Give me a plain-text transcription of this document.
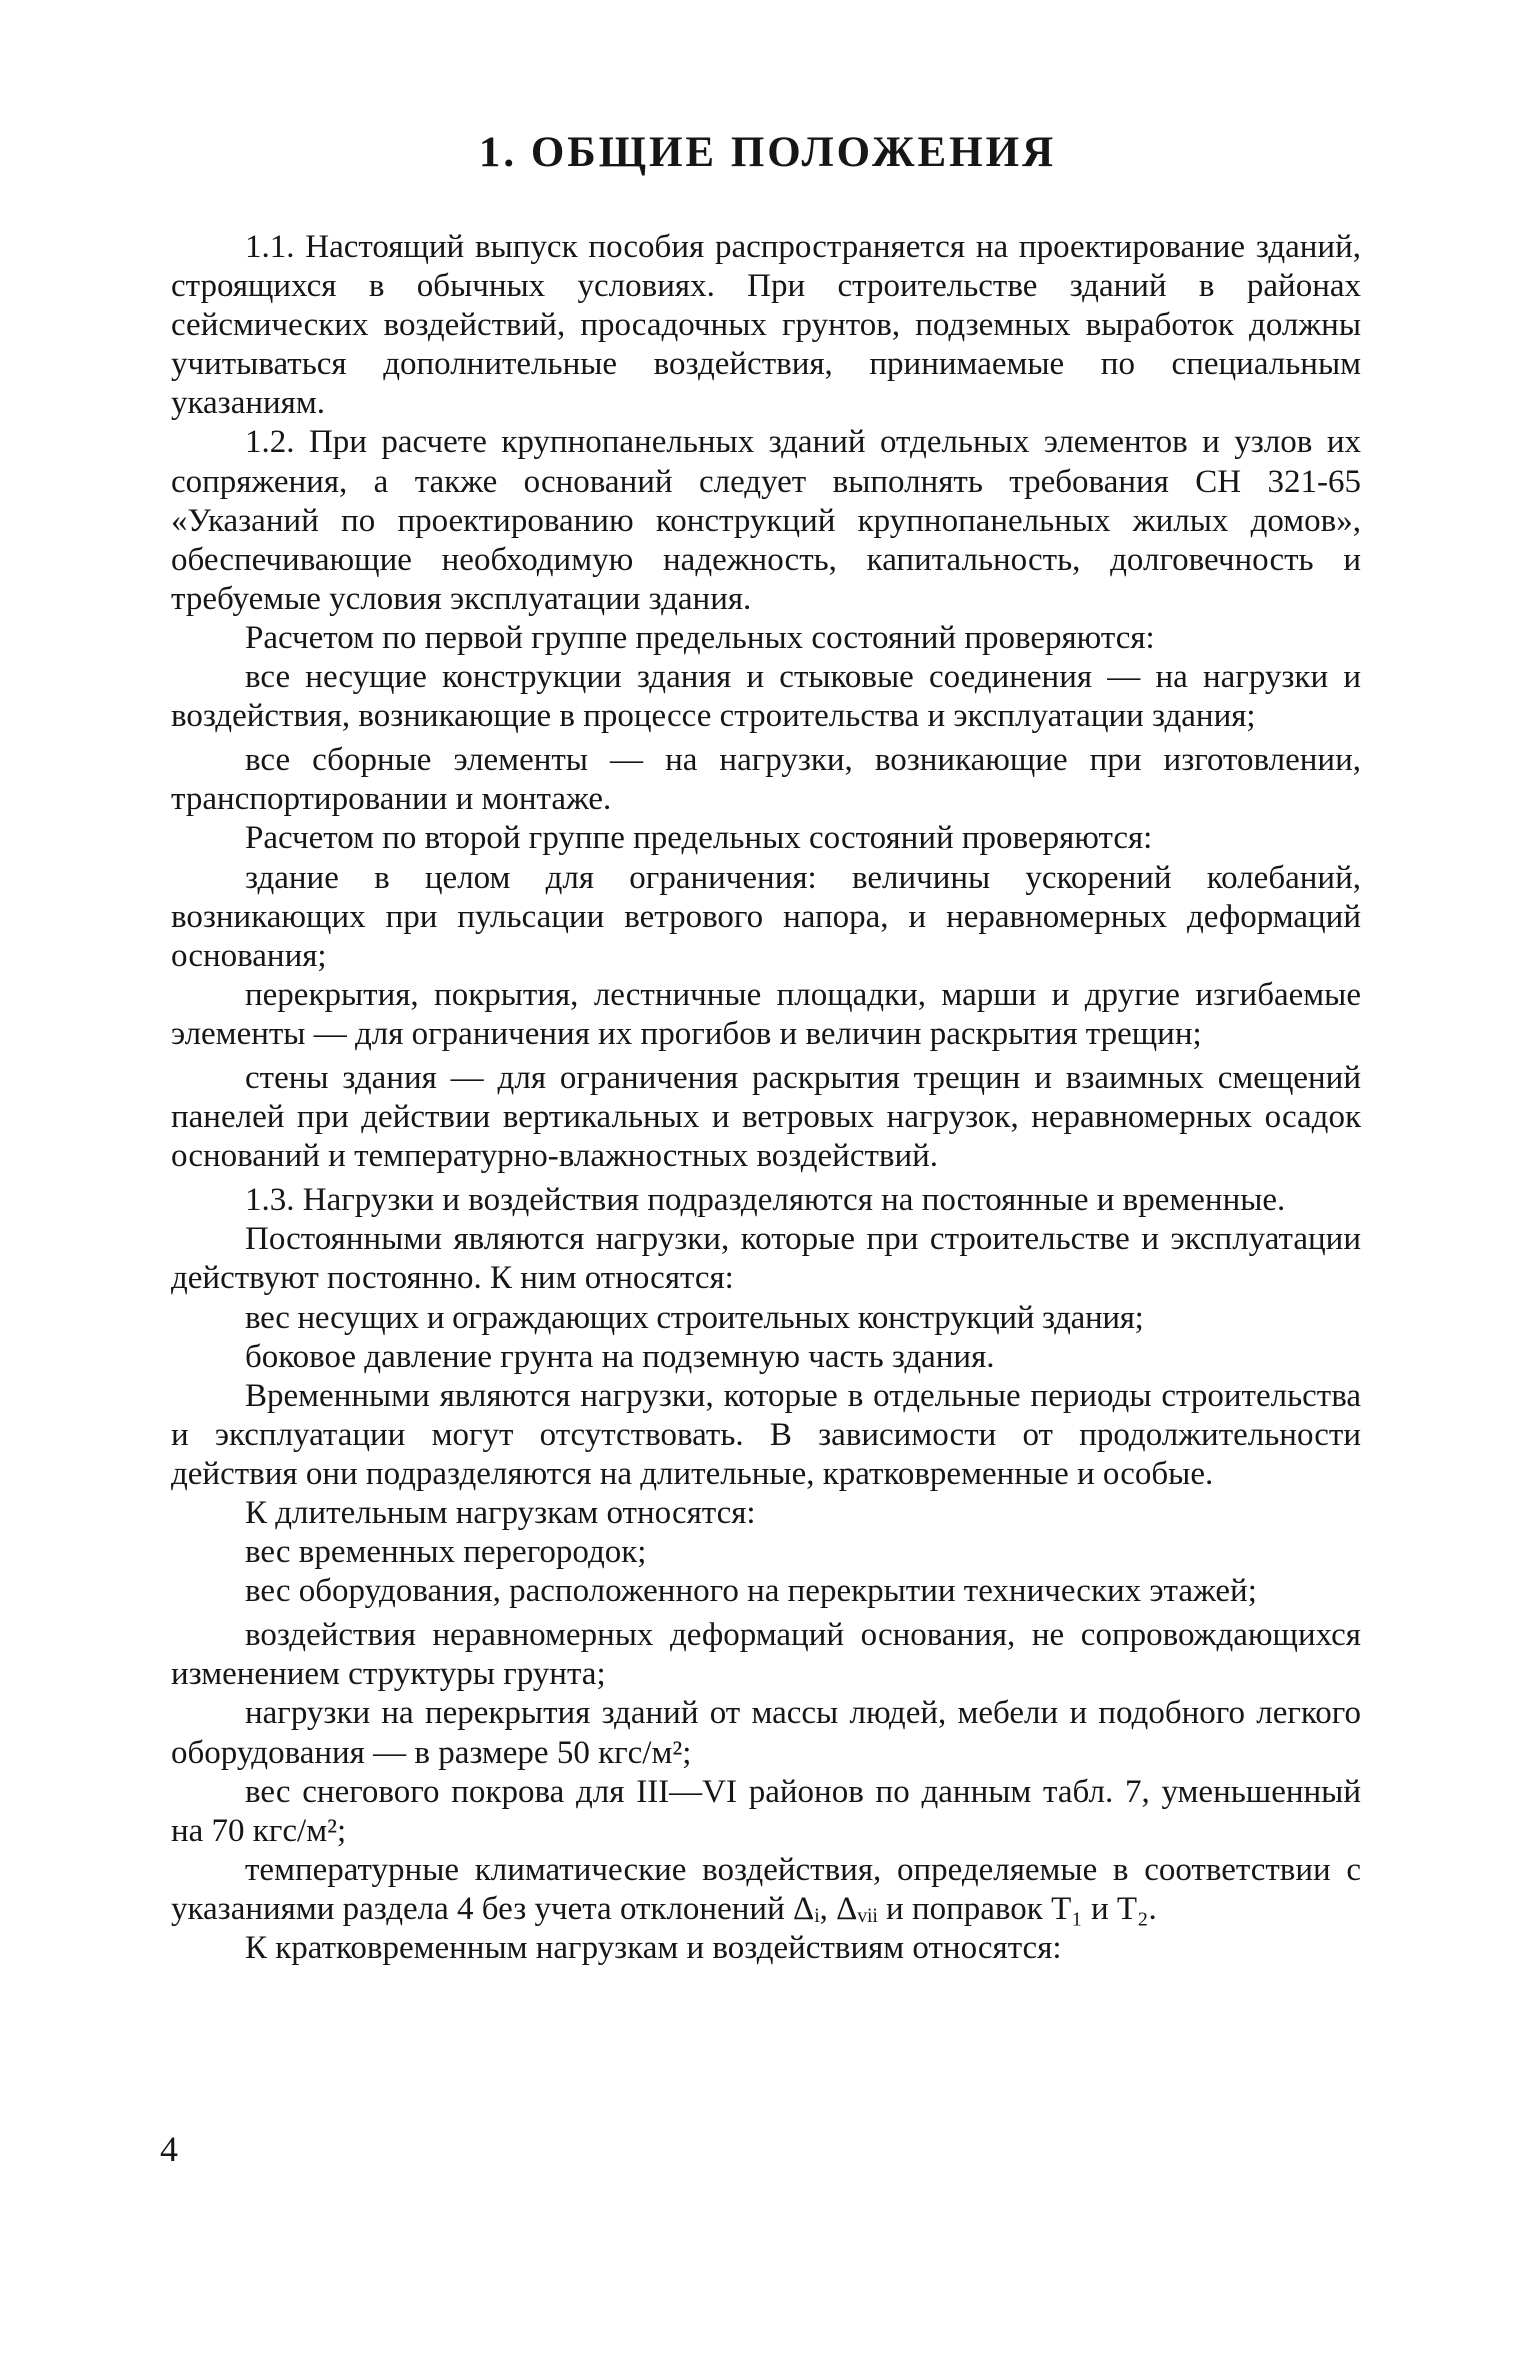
1. ОБЩИЕ ПОЛОЖЕНИЯ

1.1. Настоящий выпуск пособия распространяется на проектирование зданий, строящихся в обычных условиях. При строительстве зданий в районах сейсмических воздействий, просадочных грунтов, подземных выработок должны учитываться дополнительные воздействия, принимаемые по специальным указаниям.

1.2. При расчете крупнопанельных зданий отдельных элементов и узлов их сопряжения, а также оснований следует выполнять требования СН 321-65 «Указаний по проектированию конструкций крупнопанельных жилых домов», обеспечивающие необходимую надежность, капитальность, долговечность и требуемые условия эксплуатации здания.

Расчетом по первой группе предельных состояний проверяются:

все несущие конструкции здания и стыковые соединения — на нагрузки и воздействия, возникающие в процессе строительства и эксплуатации здания;

все сборные элементы — на нагрузки, возникающие при изготовлении, транспортировании и монтаже.

Расчетом по второй группе предельных состояний проверяются:

здание в целом для ограничения: величины ускорений колебаний, возникающих при пульсации ветрового напора, и неравномерных деформаций основания;

перекрытия, покрытия, лестничные площадки, марши и другие изгибаемые элементы — для ограничения их прогибов и величин раскрытия трещин;

стены здания — для ограничения раскрытия трещин и взаимных смещений панелей при действии вертикальных и ветровых нагрузок, неравномерных осадок оснований и температурно-влажностных воздействий.

1.3. Нагрузки и воздействия подразделяются на постоянные и временные.

Постоянными являются нагрузки, которые при строительстве и эксплуатации действуют постоянно. К ним относятся:

вес несущих и ограждающих строительных конструкций здания;

боковое давление грунта на подземную часть здания.

Временными являются нагрузки, которые в отдельные периоды строительства и эксплуатации могут отсутствовать. В зависимости от продолжительности действия они подразделяются на длительные, кратковременные и особые.

К длительным нагрузкам относятся:

вес временных перегородок;

вес оборудования, расположенного на перекрытии технических этажей;

воздействия неравномерных деформаций основания, не сопровождающихся изменением структуры грунта;

нагрузки на перекрытия зданий от массы людей, мебели и подобного легкого оборудования — в размере 50 кгс/м²;

вес снегового покрова для III—VI районов по данным табл. 7, уменьшенный на 70 кгс/м²;

температурные климатические воздействия, определяемые в соответствии с указаниями раздела 4 без учета отклонений Δᵢ, Δᵥᵢᵢ и поправок T₁ и T₂.

К кратковременным нагрузкам и воздействиям относятся:

4
